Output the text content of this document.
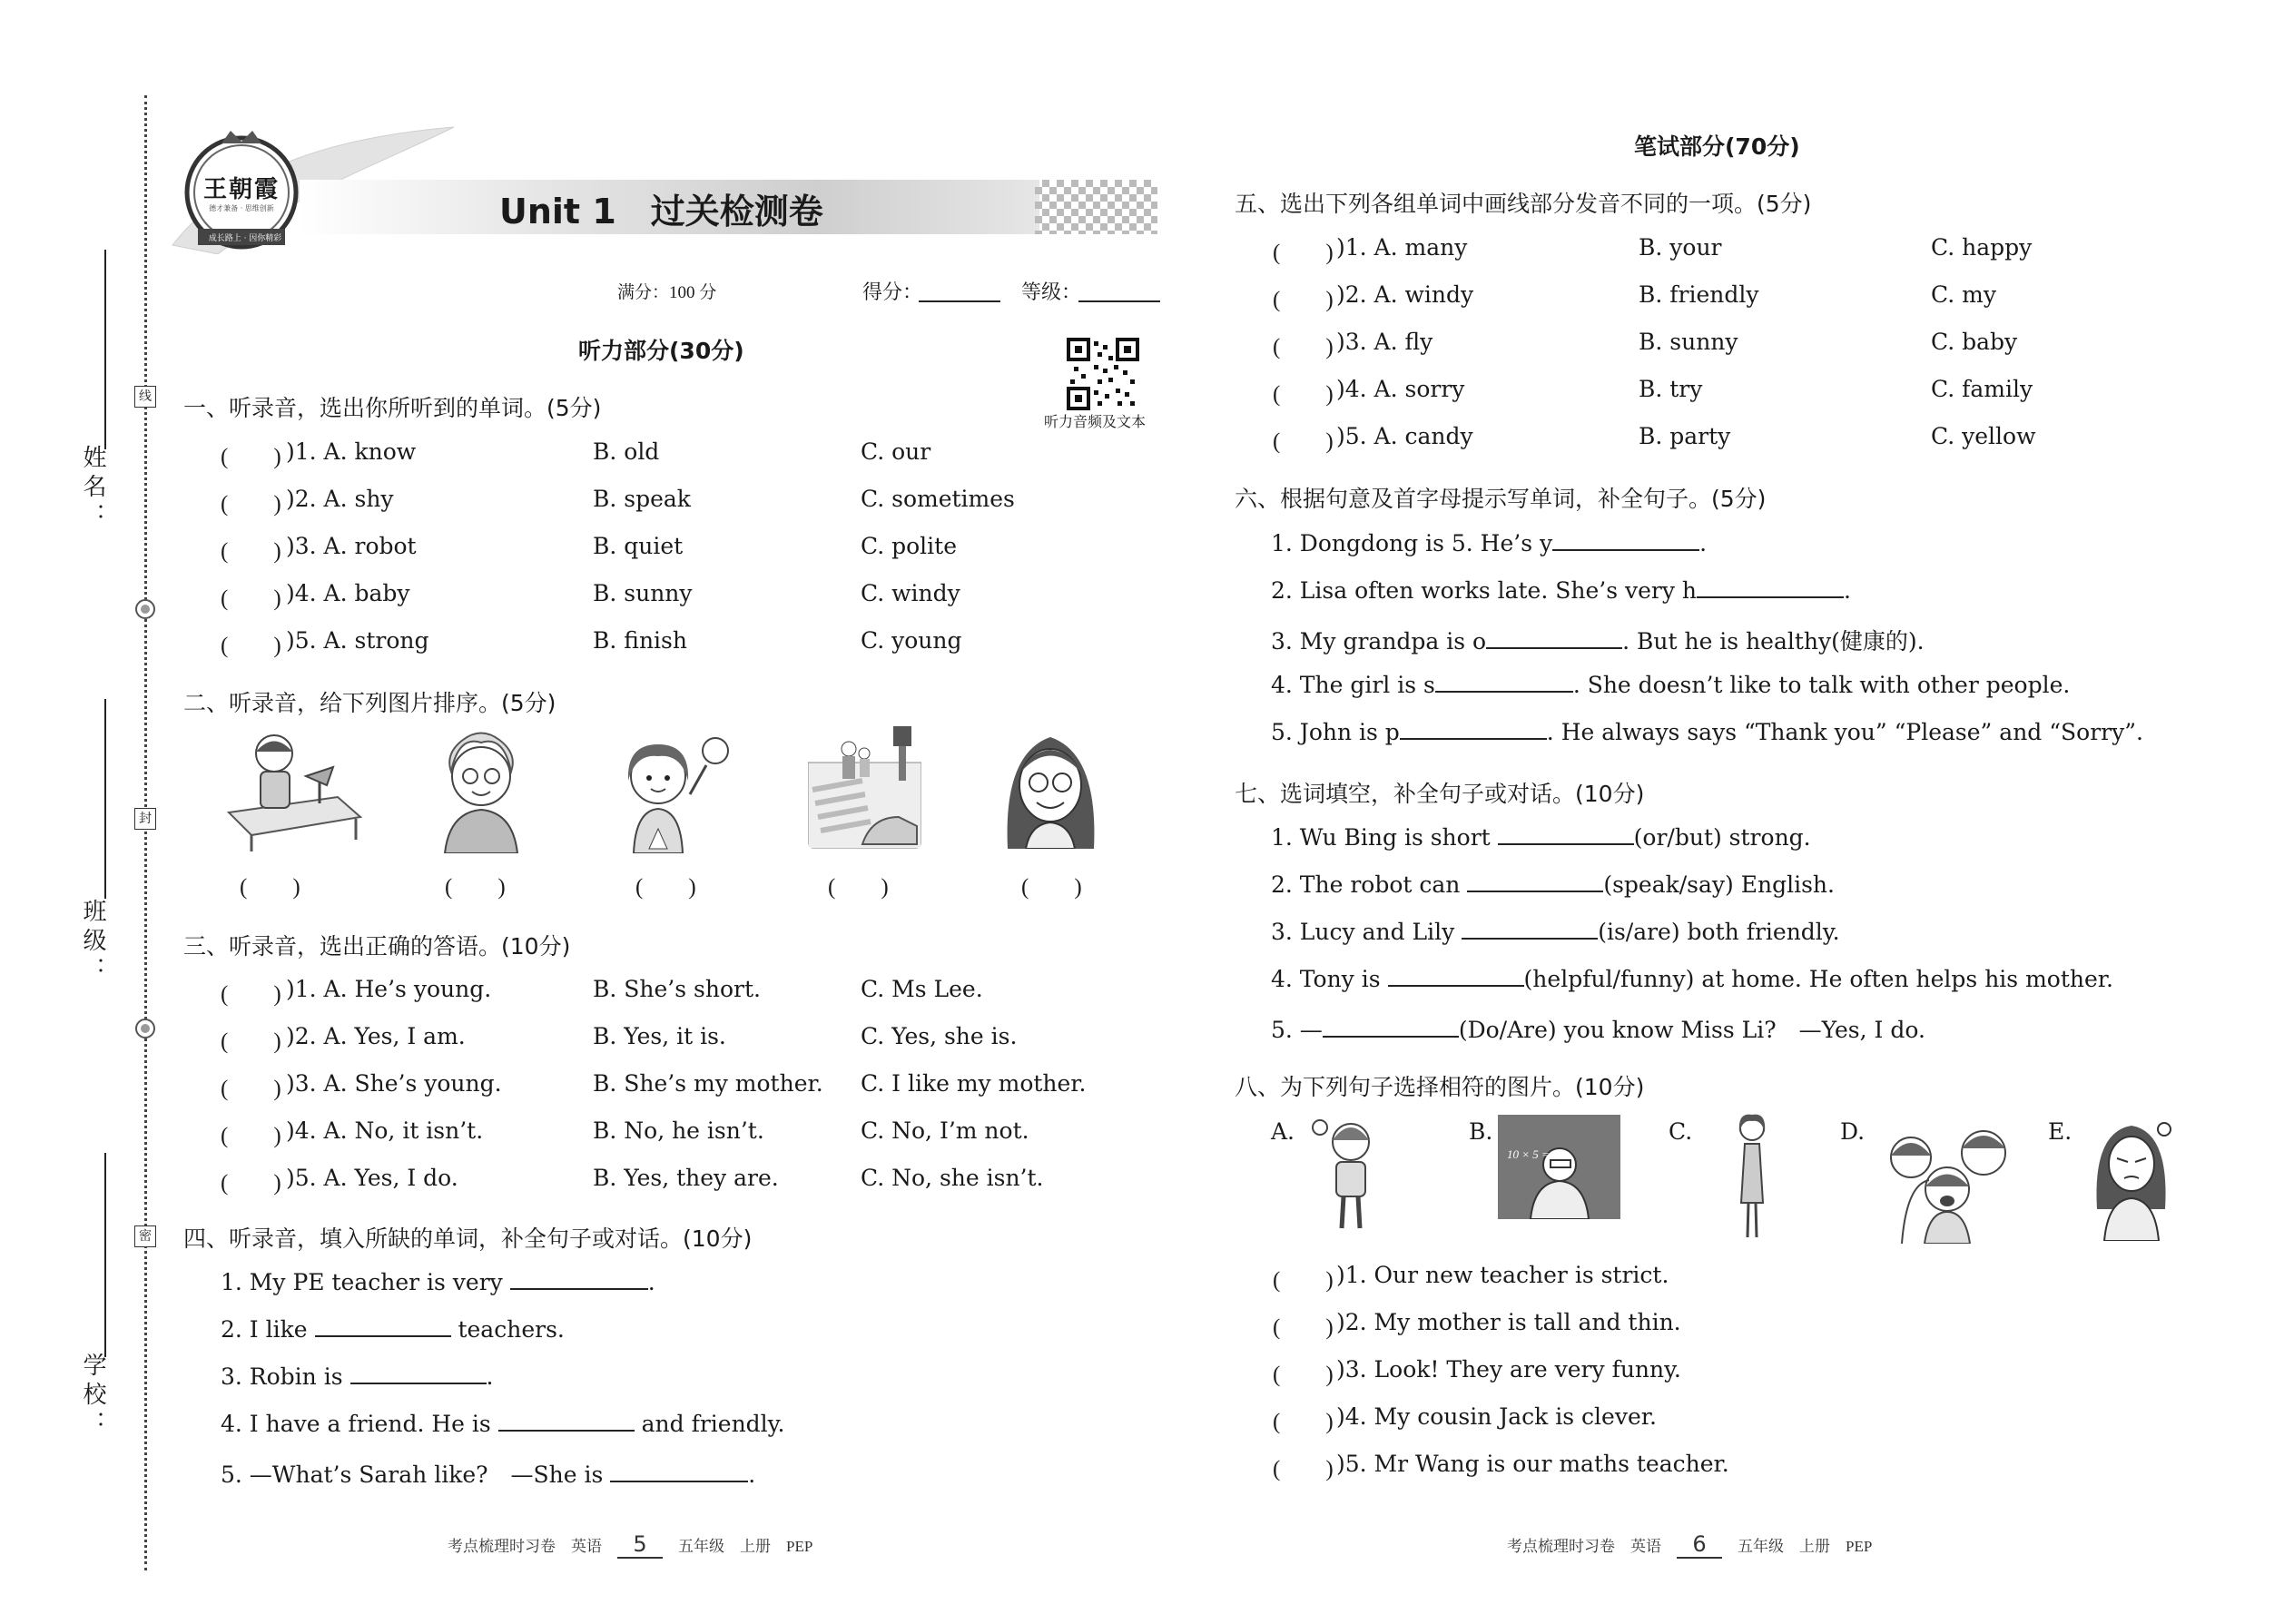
姓名：
班级：
学校：
线
封
密
王朝霞
德才兼备 · 思维创新
成长路上 · 因你精彩
Unit 1　过关检测卷
满分：100 分	得分：	等级：
听力部分(30分)
听力音频及文本
一、听录音，选出你所听到的单词。(5分)
(　　) )1. A. know	B. old	C. our
(　　) )2. A. shy	B. speak	C. sometimes
(　　) )3. A. robot	B. quiet	C. polite
(　　) )4. A. baby	B. sunny	C. windy
(　　) )5. A. strong	B. finish	C. young
二、听录音，给下列图片排序。(5分)
(　　)	(　　)	(　　)	(　　)	(　　)
三、听录音，选出正确的答语。(10分)
(　　) )1. A. He’s young.	B. She’s short.	C. Ms Lee.
(　　) )2. A. Yes, I am.	B. Yes, it is.	C. Yes, she is.
(　　) )3. A. She’s young.	B. She’s my mother. C. I like my mother.
(　　) )4. A. No, it isn’t.	B. No, he isn’t.	C. No, I’m not.
(　　) )5. A. Yes, I do.	B. Yes, they are.	C. No, she isn’t.
四、听录音，填入所缺的单词，补全句子或对话。(10分)
1. My PE teacher is very	.
2. I like	teachers.
3. Robin is	.
4. I have a friend. He is	and friendly.
5. —What’s Sarah like?　—She is	.
考点梳理时习卷 英语 5 五年级 上册 PEP
笔试部分(70分)
五、选出下列各组单词中画线部分发音不同的一项。(5分)
(　　) )1. A. many	B. your	C. happy
(　　) )2. A. windy	B. friendly	C. my
(　　) )3. A. fly	B. sunny	C. baby
(　　) )4. A. sorry	B. try	C. family
(　　) )5. A. candy	B. party	C. yellow
六、根据句意及首字母提示写单词，补全句子。(5分)
1. Dongdong is 5. He’s y	.
2. Lisa often works late. She’s very h	.
3. My grandpa is o	. But he is healthy(健康的).
4. The girl is s	. She doesn’t like to talk with other people.
5. John is p	. He always says “Thank you” “Please” and “Sorry”.
七、选词填空，补全句子或对话。(10分)
1. Wu Bing is short	(or/but) strong.
2. The robot can	(speak/say) English.
3. Lucy and Lily	(is/are) both friendly.
4. Tony is	(helpful/funny) at home. He often helps his mother.
5. —	(Do/Are) you know Miss Li?　—Yes, I do.
八、为下列句子选择相符的图片。(10分)
A.	B.	C.	D.	E.
10 × 5 = 50
(　　) )1. Our new teacher is strict.
(　　) )2. My mother is tall and thin.
(　　) )3. Look! They are very funny.
(　　) )4. My cousin Jack is clever.
(　　) )5. Mr Wang is our maths teacher.
考点梳理时习卷 英语 6 五年级 上册 PEP
